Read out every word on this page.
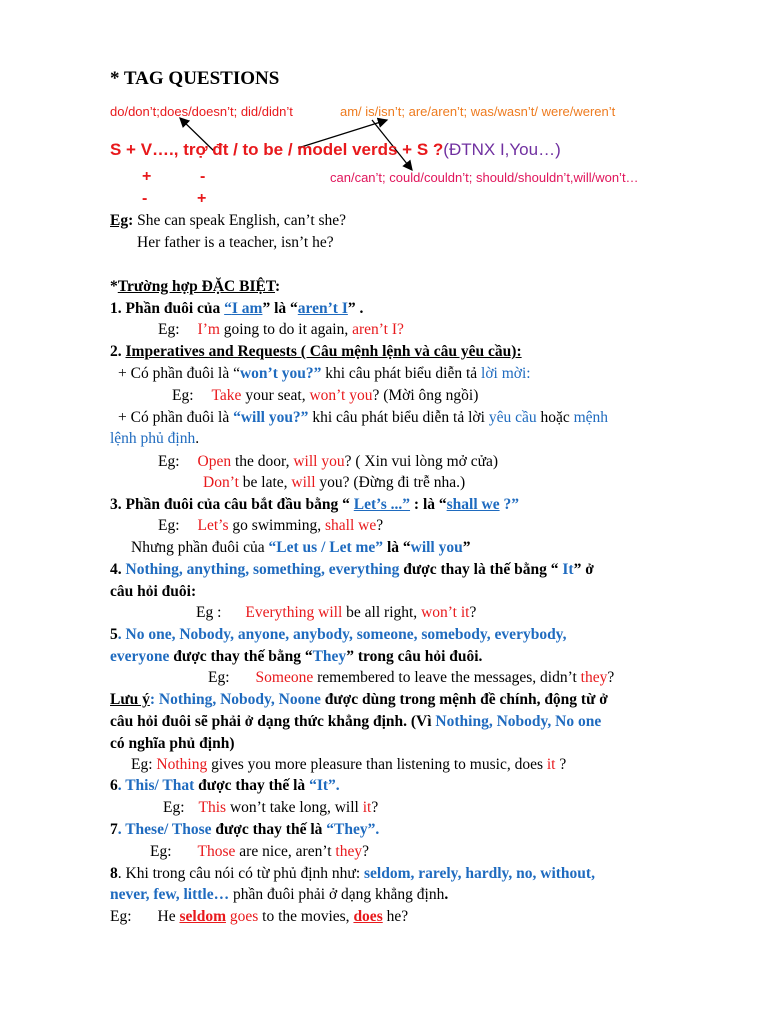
* TAG QUESTIONS
do/don’t;does/doesn’t; did/didn’t	am/ is/isn’t; are/aren’t; was/wasn’t/ were/weren’t
S + V…., trợ đt / to be / model verds + S ?(ĐTNX I,You…)
+	-	can/can’t; could/couldn’t; should/shouldn’t,will/won’t…
-	+
Eg: She can speak English, can’t she?
Her father is a teacher, isn’t he?
*Trường hợp ĐẶC BIỆT:
1. Phần đuôi của “I am” là “aren’t I” .
Eg: I’m going to do it again, aren’t I?
2. Imperatives and Requests ( Câu mệnh lệnh và câu yêu cầu):
+ Có phần đuôi là “won’t you?” khi câu phát biểu diễn tả lời mời:
Eg: Take your seat, won’t you? (Mời ông ngồi)
+ Có phần đuôi là “will you?” khi câu phát biểu diễn tả lời yêu cầu hoặc mệnh
lệnh phủ định.
Eg: Open the door, will you? ( Xin vui lòng mở cửa)
Don’t be late, will you? (Đừng đi trễ nha.)
3. Phần đuôi của câu bắt đầu bằng “ Let’s ...” : là “shall we ?”
Eg: Let’s go swimming, shall we?
Nhưng phần đuôi của “Let us / Let me” là “will you”
4. Nothing, anything, something, everything được thay là thế bằng “ It” ở
câu hỏi đuôi:
Eg : Everything will be all right, won’t it?
5. No one, Nobody, anyone, anybody, someone, somebody, everybody,
everyone được thay thế bằng “They” trong câu hỏi đuôi.
Eg: Someone remembered to leave the messages, didn’t they?
Lưu ý: Nothing, Nobody, Noone được dùng trong mệnh đề chính, động từ ở
câu hỏi đuôi sẽ phải ở dạng thức khẳng định. (Vì Nothing, Nobody, No one
có nghĩa phủ định)
Eg: Nothing gives you more pleasure than listening to music, does it ?
6. This/ That được thay thế là “It”.
Eg: This won’t take long, will it?
7. These/ Those được thay thế là “They”.
Eg: Those are nice, aren’t they?
8. Khi trong câu nói có từ phủ định như: seldom, rarely, hardly, no, without,
never, few, little… phần đuôi phải ở dạng khẳng định.
Eg: He seldom goes to the movies, does he?
